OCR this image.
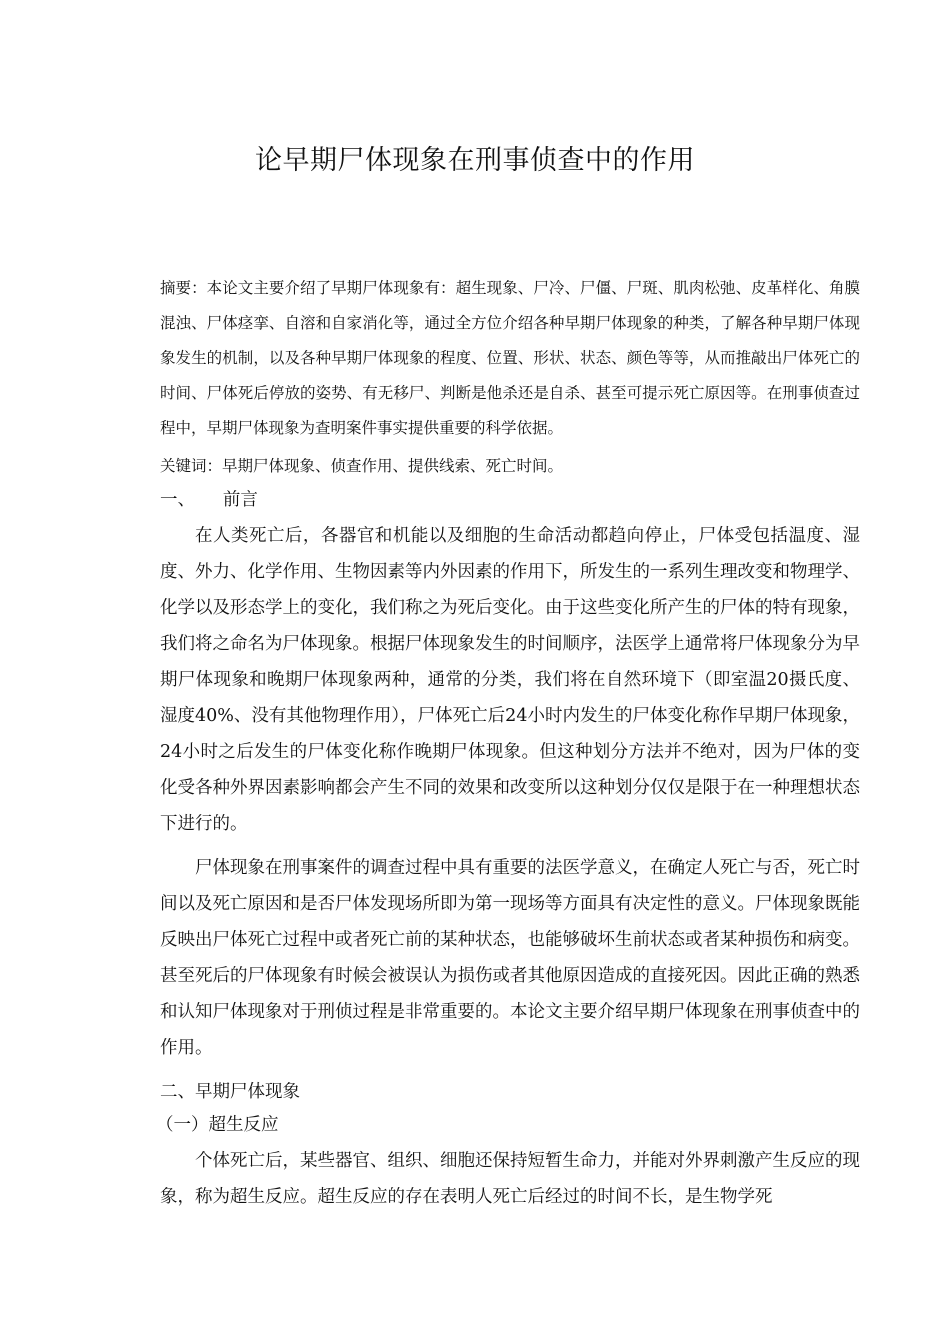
论早期尸体现象在刑事侦查中的作用

摘要：本论文主要介绍了早期尸体现象有：超生现象、尸冷、尸僵、尸斑、肌肉松弛、皮革样化、角膜混浊、尸体痉挛、自溶和自家消化等，通过全方位介绍各种早期尸体现象的种类，了解各种早期尸体现象发生的机制，以及各种早期尸体现象的程度、位置、形状、状态、颜色等等，从而推敲出尸体死亡的时间、尸体死后停放的姿势、有无移尸、判断是他杀还是自杀、甚至可提示死亡原因等。在刑事侦查过程中，早期尸体现象为查明案件事实提供重要的科学依据。

关键词：早期尸体现象、侦查作用、提供线索、死亡时间。

一、     前言

在人类死亡后，各器官和机能以及细胞的生命活动都趋向停止，尸体受包括温度、湿度、外力、化学作用、生物因素等内外因素的作用下，所发生的一系列生理改变和物理学、化学以及形态学上的变化，我们称之为死后变化。由于这些变化所产生的尸体的特有现象，我们将之命名为尸体现象。根据尸体现象发生的时间顺序，法医学上通常将尸体现象分为早期尸体现象和晚期尸体现象两种，通常的分类，我们将在自然环境下（即室温20摄氏度、湿度40%、没有其他物理作用），尸体死亡后24小时内发生的尸体变化称作早期尸体现象，24小时之后发生的尸体变化称作晚期尸体现象。但这种划分方法并不绝对，因为尸体的变化受各种外界因素影响都会产生不同的效果和改变所以这种划分仅仅是限于在一种理想状态下进行的。

尸体现象在刑事案件的调查过程中具有重要的法医学意义，在确定人死亡与否，死亡时间以及死亡原因和是否尸体发现场所即为第一现场等方面具有决定性的意义。尸体现象既能反映出尸体死亡过程中或者死亡前的某种状态，也能够破坏生前状态或者某种损伤和病变。甚至死后的尸体现象有时候会被误认为损伤或者其他原因造成的直接死因。因此正确的熟悉和认知尸体现象对于刑侦过程是非常重要的。本论文主要介绍早期尸体现象在刑事侦查中的作用。

二、早期尸体现象

（一）超生反应

个体死亡后，某些器官、组织、细胞还保持短暂生命力，并能对外界刺激产生反应的现象，称为超生反应。超生反应的存在表明人死亡后经过的时间不长，是生物学死
